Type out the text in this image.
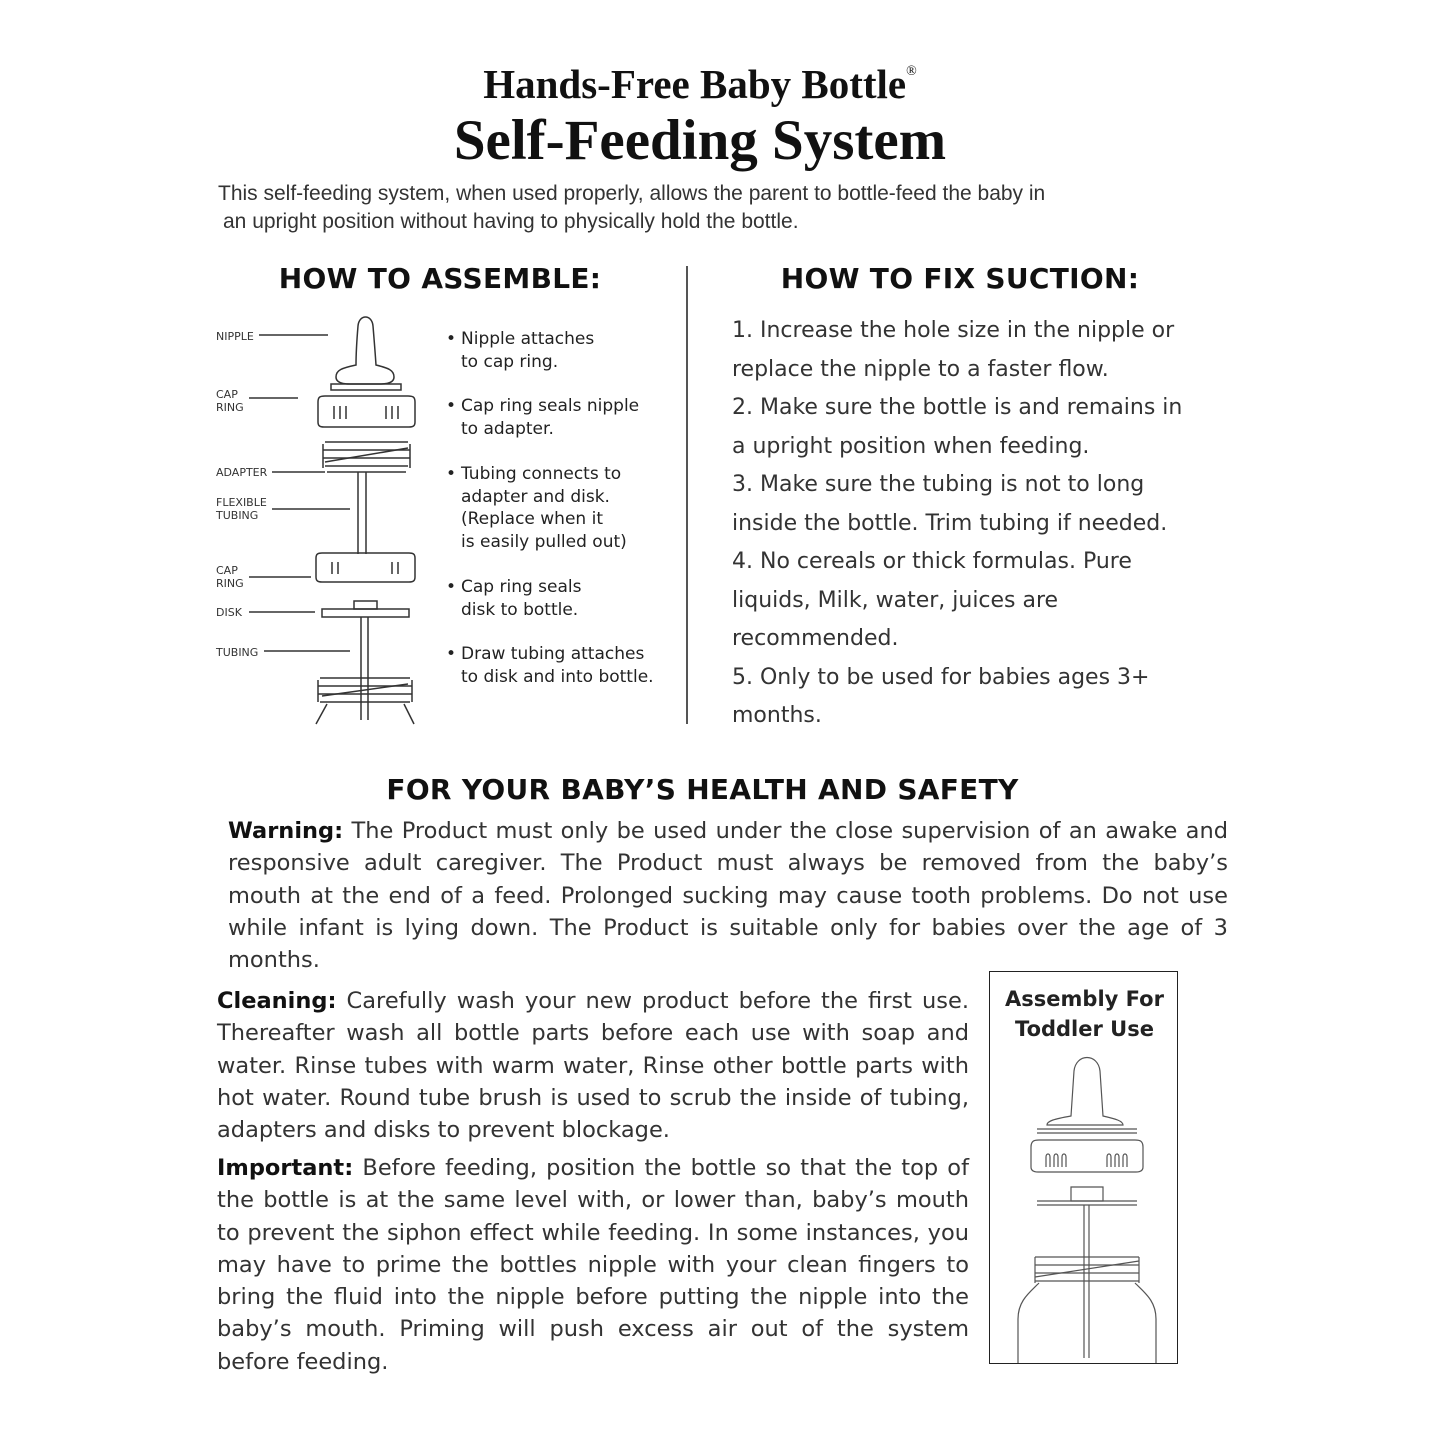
Hands-Free Baby Bottle®
Self-Feeding System
This self-feeding system, when used properly, allows the parent to bottle-feed the baby in
an upright position without having to physically hold the bottle.
HOW TO ASSEMBLE:	HOW TO FIX SUCTION:
NIPPLE
CAP
RING
ADAPTER
FLEXIBLE
TUBING
CAP
RING
DISK
TUBING
• Nipple attaches
to cap ring.
• Cap ring seals nipple
to adapter.
• Tubing connects to
adapter and disk.
(Replace when it
is easily pulled out)
• Cap ring seals
disk to bottle.
• Draw tubing attaches
to disk and into bottle.
1. Increase the hole size in the nipple or
replace the nipple to a faster flow.
2. Make sure the bottle is and remains in
a upright position when feeding.
3. Make sure the tubing is not to long
inside the bottle. Trim tubing if needed.
4. No cereals or thick formulas. Pure
liquids, Milk, water, juices are
recommended.
5. Only to be used for babies ages 3+
months.
FOR YOUR BABY’S HEALTH AND SAFETY
Warning: The Product must only be used under the close supervision of an awake and responsive adult caregiver. The Product must always be removed from the baby’s mouth at the end of a feed. Prolonged sucking may cause tooth problems. Do not use while infant is lying down. The Product is suitable only for babies over the age of 3 months.
Cleaning: Carefully wash your new product before the first use. Thereafter wash all bottle parts before each use with soap and water. Rinse tubes with warm water, Rinse other bottle parts with hot water. Round tube brush is used to scrub the inside of tubing, adapters and disks to prevent blockage.
Important: Before feeding, position the bottle so that the top of the bottle is at the same level with, or lower than, baby’s mouth to prevent the siphon effect while feeding. In some instances, you may have to prime the bottles nipple with your clean fingers to bring the fluid into the nipple before putting the nipple into the baby’s mouth. Priming will push excess air out of the system before feeding.
Assembly For
Toddler Use
